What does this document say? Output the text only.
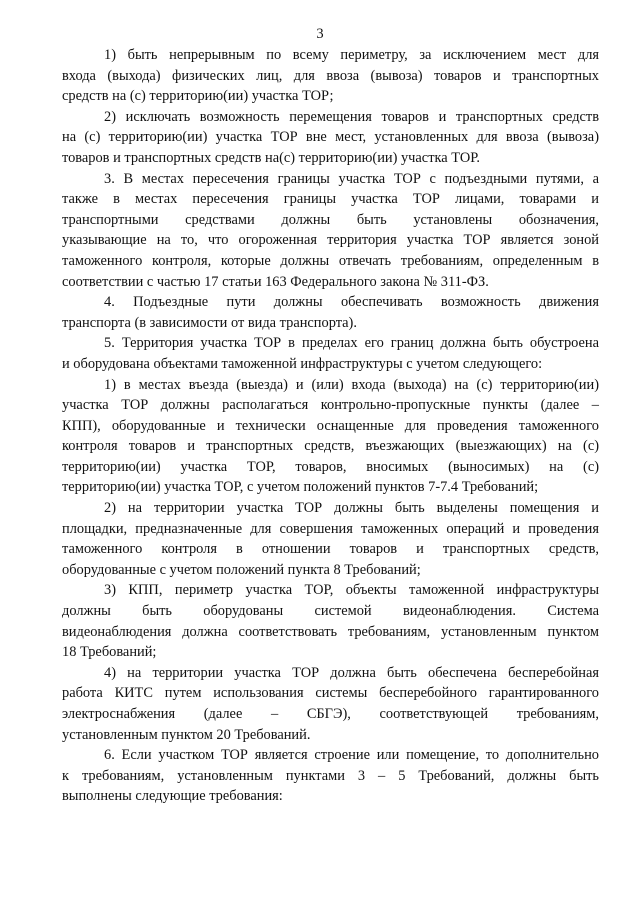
3

1) быть непрерывным по всему периметру, за исключением мест для
входа (выхода) физических лиц, для ввоза (вывоза) товаров и транспортных
средств на (с) территорию(ии) участка ТОР;

2) исключать возможность перемещения товаров и транспортных средств
на (с) территорию(ии) участка ТОР вне мест, установленных для ввоза (вывоза)
товаров и транспортных средств на(с) территорию(ии) участка ТОР.

3. В местах пересечения границы участка ТОР с подъездными путями, а
также в местах пересечения границы участка ТОР лицами, товарами и
транспортными средствами должны быть установлены обозначения,
указывающие на то, что огороженная территория участка ТОР является зоной
таможенного контроля, которые должны отвечать требованиям, определенным в
соответствии с частью 17 статьи 163 Федерального закона № 311-ФЗ.

4. Подъездные пути должны обеспечивать возможность движения
транспорта (в зависимости от вида транспорта).

5. Территория участка ТОР в пределах его границ должна быть обустроена
и оборудована объектами таможенной инфраструктуры с учетом следующего:

1) в местах въезда (выезда) и (или) входа (выхода) на (с) территорию(ии)
участка ТОР должны располагаться контрольно-пропускные пункты (далее –
КПП), оборудованные и технически оснащенные для проведения таможенного
контроля товаров и транспортных средств, въезжающих (выезжающих) на (с)
территорию(ии) участка ТОР, товаров, вносимых (выносимых) на (с)
территорию(ии) участка ТОР, с учетом положений пунктов 7-7.4 Требований;

2) на территории участка ТОР должны быть выделены помещения и
площадки, предназначенные для совершения таможенных операций и проведения
таможенного контроля в отношении товаров и транспортных средств,
оборудованные с учетом положений пункта 8 Требований;

3) КПП, периметр участка ТОР, объекты таможенной инфраструктуры
должны быть оборудованы системой видеонаблюдения. Система
видеонаблюдения должна соответствовать требованиям, установленным пунктом
18 Требований;

4) на территории участка ТОР должна быть обеспечена бесперебойная
работа КИТС путем использования системы бесперебойного гарантированного
электроснабжения (далее – СБГЭ), соответствующей требованиям,
установленным пунктом 20 Требований.

6. Если участком ТОР является строение или помещение, то дополнительно
к требованиям, установленным пунктами 3 – 5 Требований, должны быть
выполнены следующие требования:
